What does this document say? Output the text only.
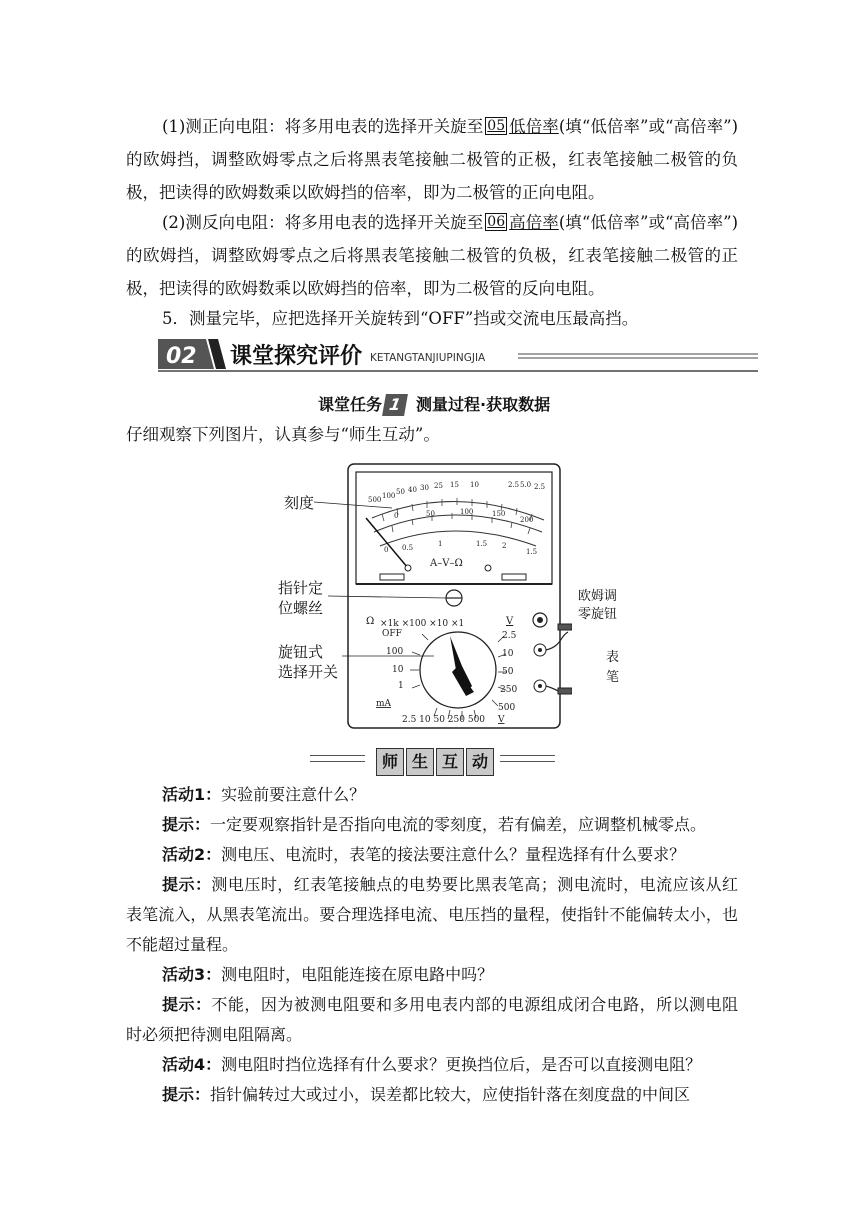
(1)测正向电阻：将多用电表的选择开关旋至 05 低倍率(填“低倍率”或“高倍率”)的欧姆挡，调整欧姆零点之后将黑表笔接触二极管的正极，红表笔接触二极管的负极，把读得的欧姆数乘以欧姆挡的倍率，即为二极管的正向电阻。
(2)测反向电阻：将多用电表的选择开关旋至 06 高倍率(填“低倍率”或“高倍率”)的欧姆挡，调整欧姆零点之后将黑表笔接触二极管的负极，红表笔接触二极管的正极，把读得的欧姆数乘以欧姆挡的倍率，即为二极管的反向电阻。
5．测量完毕，应把选择开关旋转到“OFF”挡或交流电压最高挡。
02 课堂探究评价 KETANGTANJIUPINGJIA
课堂任务 1 测量过程·获取数据
仔细观察下列图片，认真参与“师生互动”。
500 100 50 40 30 25 15 10	2.5 5.0 2.5
0	50	100	150 200
0 0.5	1	1.5 2 1.5
A–V–Ω
Ω ×1k ×100 ×10 ×1	V
OFF 100 10 1
2.5 10 50 250 500
mA
2.5 10 50 250 500 V
刻度
指针定
位螺丝
旋钮式
选择开关
欧姆调
零旋钮
表
笔
师 生 互 动
活动1：实验前要注意什么？
提示：一定要观察指针是否指向电流的零刻度，若有偏差，应调整机械零点。
活动2：测电压、电流时，表笔的接法要注意什么？量程选择有什么要求？
提示：测电压时，红表笔接触点的电势要比黑表笔高；测电流时，电流应该从红表笔流入，从黑表笔流出。要合理选择电流、电压挡的量程，使指针不能偏转太小，也不能超过量程。
活动3：测电阻时，电阻能连接在原电路中吗？
提示：不能，因为被测电阻要和多用电表内部的电源组成闭合电路，所以测电阻时必须把待测电阻隔离。
活动4：测电阻时挡位选择有什么要求？更换挡位后，是否可以直接测电阻？
提示：指针偏转过大或过小，误差都比较大，应使指针落在刻度盘的中间区
